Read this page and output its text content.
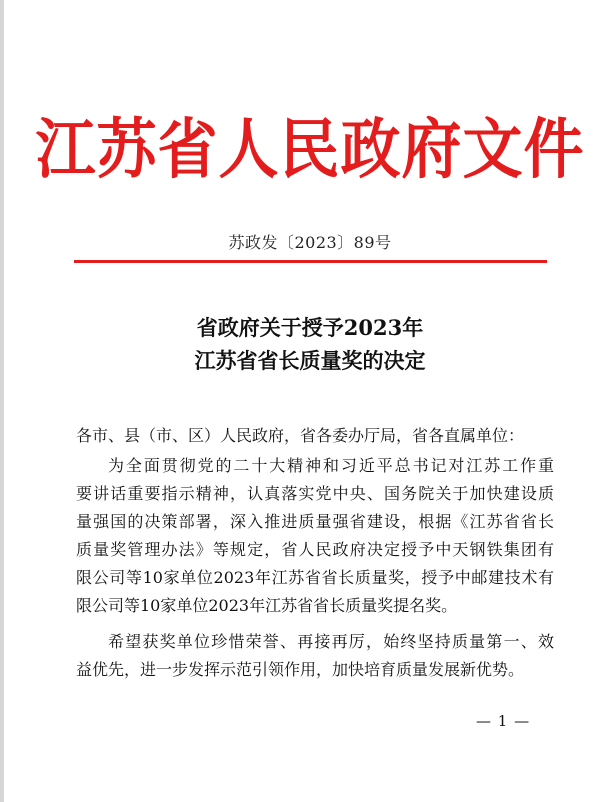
江苏省人民政府文件
苏政发〔2023〕89号
省政府关于授予2023年
江苏省省长质量奖的决定

各市、县（市、区）人民政府，省各委办厅局，省各直属单位：

为全面贯彻党的二十大精神和习近平总书记对江苏工作重

要讲话重要指示精神，认真落实党中央、国务院关于加快建设质

量强国的决策部署，深入推进质量强省建设，根据《江苏省省长

质量奖管理办法》等规定，省人民政府决定授予中天钢铁集团有

限公司等10家单位2023年江苏省省长质量奖，授予中邮建技术有

限公司等10家单位2023年江苏省省长质量奖提名奖。

希望获奖单位珍惜荣誉、再接再厉，始终坚持质量第一、效

益优先，进一步发挥示范引领作用，加快培育质量发展新优势。

— 1 —
